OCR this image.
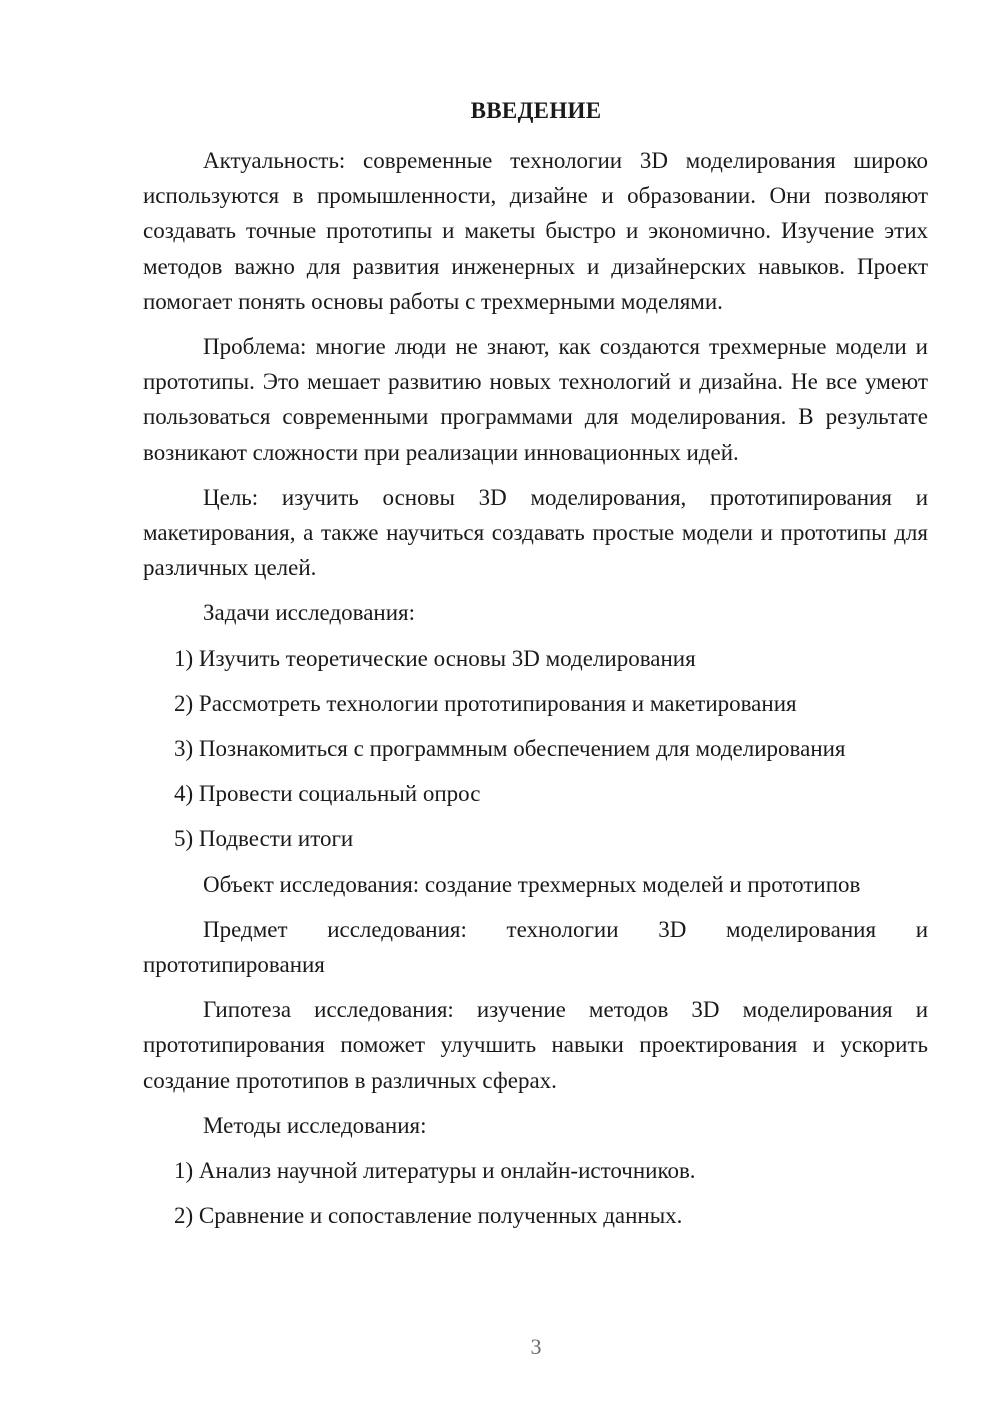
ВВЕДЕНИЕ

Актуальность: современные технологии 3D моделирования широко используются в промышленности, дизайне и образовании. Они позволяют создавать точные прототипы и макеты быстро и экономично. Изучение этих методов важно для развития инженерных и дизайнерских навыков. Проект помогает понять основы работы с трехмерными моделями.

Проблема: многие люди не знают, как создаются трехмерные модели и прототипы. Это мешает развитию новых технологий и дизайна. Не все умеют пользоваться современными программами для моделирования. В результате возникают сложности при реализации инновационных идей.

Цель: изучить основы 3D моделирования, прототипирования и макетирования, а также научиться создавать простые модели и прототипы для различных целей.

Задачи исследования:

1) Изучить теоретические основы 3D моделирования

2) Рассмотреть технологии прототипирования и макетирования

3) Познакомиться с программным обеспечением для моделирования

4) Провести социальный опрос

5) Подвести итоги

Объект исследования: создание трехмерных моделей и прототипов

Предмет исследования: технологии 3D моделирования и прототипирования

Гипотеза исследования: изучение методов 3D моделирования и прототипирования поможет улучшить навыки проектирования и ускорить создание прототипов в различных сферах.

Методы исследования:

1) Анализ научной литературы и онлайн-источников.

2) Сравнение и сопоставление полученных данных.

3
